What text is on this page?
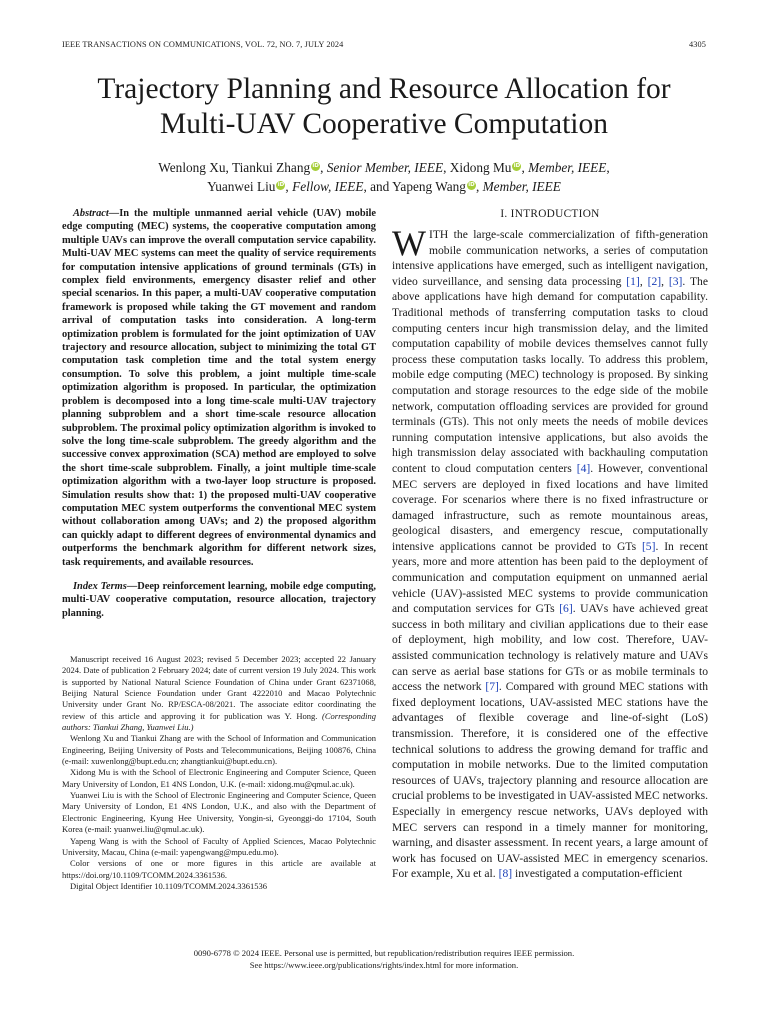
IEEE TRANSACTIONS ON COMMUNICATIONS, VOL. 72, NO. 7, JULY 2024	4305
Trajectory Planning and Resource Allocation for
Multi-UAV Cooperative Computation
Wenlong Xu, Tiankui Zhang iD, Senior Member, IEEE, Xidong Mu iD, Member, IEEE,
Yuanwei Liu iD, Fellow, IEEE, and Yapeng Wang iD, Member, IEEE

Abstract—In the multiple unmanned aerial vehicle (UAV) mobile edge computing (MEC) systems, the cooperative computation among multiple UAVs can improve the overall computation service capability. Multi-UAV MEC systems can meet the quality of service requirements for computation intensive applications of ground terminals (GTs) in complex field environments, emergency disaster relief and other special scenarios. In this paper, a multi-UAV cooperative computation framework is proposed while taking the GT movement and random arrival of computation tasks into consideration. A long-term optimization problem is formulated for the joint optimization of UAV trajectory and resource allocation, subject to minimizing the total GT computation task completion time and the total system energy consumption. To solve this problem, a joint multiple time-scale optimization algorithm is proposed. In particular, the optimization problem is decomposed into a long time-scale multi-UAV trajectory planning subproblem and a short time-scale resource allocation subproblem. The proximal policy optimization algorithm is invoked to solve the long time-scale subproblem. The greedy algorithm and the successive convex approximation (SCA) method are employed to solve the short time-scale subproblem. Finally, a joint multiple time-scale optimization algorithm with a two-layer loop structure is proposed. Simulation results show that: 1) the proposed multi-UAV cooperative computation MEC system outperforms the conventional MEC system without collaboration among UAVs; and 2) the proposed algorithm can quickly adapt to different degrees of environmental dynamics and outperforms the benchmark algorithm for different network sizes, task requirements, and available resources.

Index Terms—Deep reinforcement learning, mobile edge computing, multi-UAV cooperative computation, resource allocation, trajectory planning.

Manuscript received 16 August 2023; revised 5 December 2023; accepted 22 January 2024. Date of publication 2 February 2024; date of current version 19 July 2024. This work is supported by National Natural Science Foundation of China under Grant 62371068, Beijing Natural Science Foundation under Grant 4222010 and Macao Polytechnic University under Grant No. RP/ESCA-08/2021. The associate editor coordinating the review of this article and approving it for publication was Y. Hong. (Corresponding authors: Tiankui Zhang, Yuanwei Liu.)

Wenlong Xu and Tiankui Zhang are with the School of Information and Communication Engineering, Beijing University of Posts and Telecommunications, Beijing 100876, China (e-mail: xuwenlong@bupt.edu.cn; zhangtiankui@bupt.edu.cn).

Xidong Mu is with the School of Electronic Engineering and Computer Science, Queen Mary University of London, E1 4NS London, U.K. (e-mail: xidong.mu@qmul.ac.uk).

Yuanwei Liu is with the School of Electronic Engineering and Computer Science, Queen Mary University of London, E1 4NS London, U.K., and also with the Department of Electronic Engineering, Kyung Hee University, Yongin-si, Gyeonggi-do 17104, South Korea (e-mail: yuanwei.liu@qmul.ac.uk).

Yapeng Wang is with the School of Faculty of Applied Sciences, Macao Polytechnic University, Macau, China (e-mail: yapengwang@mpu.edu.mo).

Color versions of one or more figures in this article are available at https://doi.org/10.1109/TCOMM.2024.3361536.

Digital Object Identifier 10.1109/TCOMM.2024.3361536

I. INTRODUCTION

WITH the large-scale commercialization of fifth-generation mobile communication networks, a series of computation intensive applications have emerged, such as intelligent navigation, video surveillance, and sensing data processing [1], [2], [3]. The above applications have high demand for computation capability. Traditional methods of transferring computation tasks to cloud computing centers incur high transmission delay, and the limited computation capability of mobile devices themselves cannot fully process these computation tasks locally. To address this problem, mobile edge computing (MEC) technology is proposed. By sinking computation and storage resources to the edge side of the mobile network, computation offloading services are provided for ground terminals (GTs). This not only meets the needs of mobile devices running computation intensive applications, but also avoids the high transmission delay associated with backhauling computation content to cloud computation centers [4]. However, conventional MEC servers are deployed in fixed locations and have limited coverage. For scenarios where there is no fixed infrastructure or damaged infrastructure, such as remote mountainous areas, geological disasters, and emergency rescue, computationally intensive applications cannot be provided to GTs [5]. In recent years, more and more attention has been paid to the deployment of communication and computation equipment on unmanned aerial vehicle (UAV)-assisted MEC systems to provide communication and computation services for GTs [6]. UAVs have achieved great success in both military and civilian applications due to their ease of deployment, high mobility, and low cost. Therefore, UAV-assisted communication technology is relatively mature and UAVs can serve as aerial base stations for GTs or as mobile terminals to access the network [7]. Compared with ground MEC stations with fixed deployment locations, UAV-assisted MEC stations have the advantages of flexible coverage and line-of-sight (LoS) transmission. Therefore, it is considered one of the effective technical solutions to address the growing demand for traffic and computation in mobile networks. Due to the limited computation resources of UAVs, trajectory planning and resource allocation are crucial problems to be investigated in UAV-assisted MEC networks. Especially in emergency rescue networks, UAVs deployed with MEC servers can respond in a timely manner for monitoring, warning, and disaster assessment. In recent years, a large amount of work has focused on UAV-assisted MEC in emergency scenarios. For example, Xu et al. [8] investigated a computation-efficient

0090-6778 © 2024 IEEE. Personal use is permitted, but republication/redistribution requires IEEE permission.

See https://www.ieee.org/publications/rights/index.html for more information.
